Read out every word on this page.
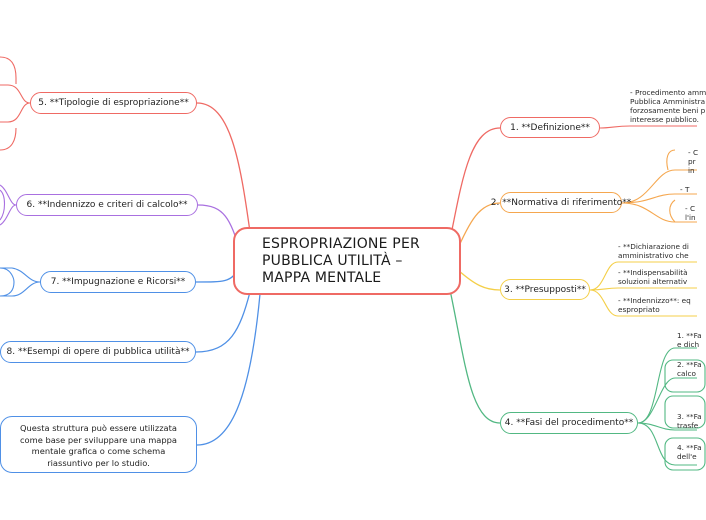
ESPROPRIAZIONE PER
PUBBLICA UTILITÀ –
MAPPA MENTALE
1. **Definizione**
2. **Normativa di riferimento**
3. **Presupposti**
4. **Fasi del procedimento**
5. **Tipologie di espropriazione**
6. **Indennizzo e criteri di calcolo**
7. **Impugnazione e Ricorsi**
8. **Esempi di opere di pubblica utilità**
Questa struttura può essere utilizzata
come base per sviluppare una mappa
mentale grafica o come schema
riassuntivo per lo studio.
- Procedimento amm
Pubblica Amministra
forzosamente beni p
interesse pubblico.
- C
pr
in
- T
- C
l'in
- **Dichiarazione di
amministrativo che
- **Indispensabilità
soluzioni alternativ
- **Indennizzo**: eq
espropriato
1. **Fa
e dich
2. **Fa
calco
3. **Fa
trasfe
4. **Fa
dell'e
